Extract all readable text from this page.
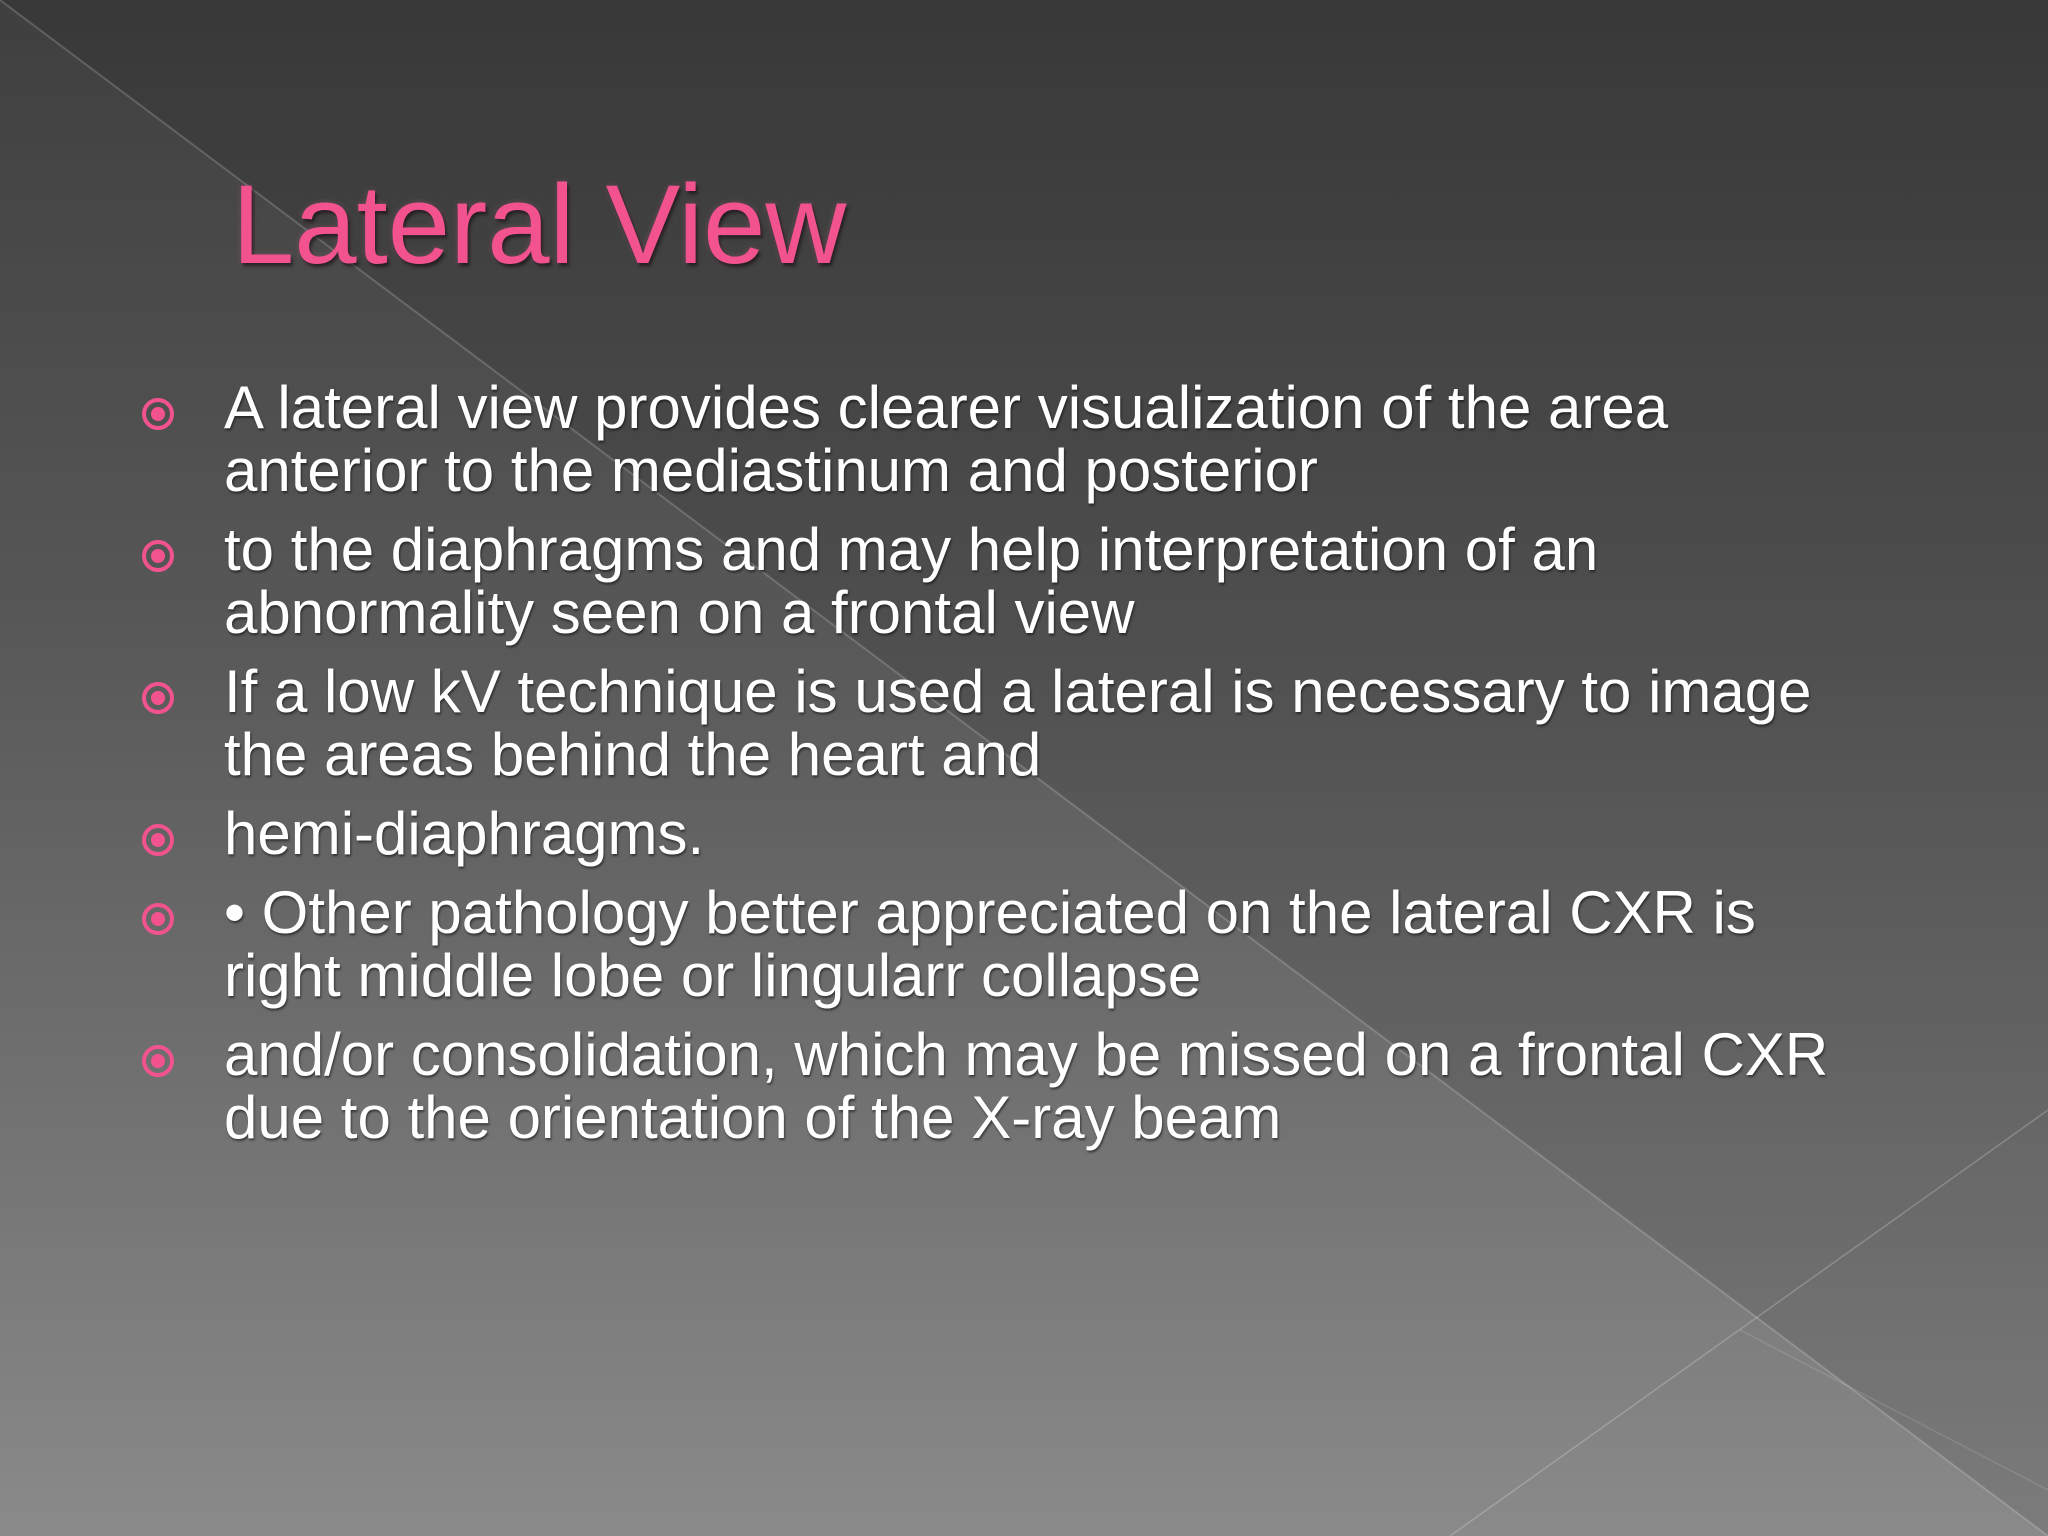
Lateral View
A lateral view provides clearer visualization of the area
anterior to the mediastinum and posterior
to the diaphragms and may help interpretation of an
abnormality seen on a frontal view
If a low kV technique is used a lateral is necessary to image
the areas behind the heart and
hemi-diaphragms.
• Other pathology better appreciated on the lateral CXR is
right middle lobe or lingularr collapse
and/or consolidation, which may be missed on a frontal CXR
due to the orientation of the X-ray beam
